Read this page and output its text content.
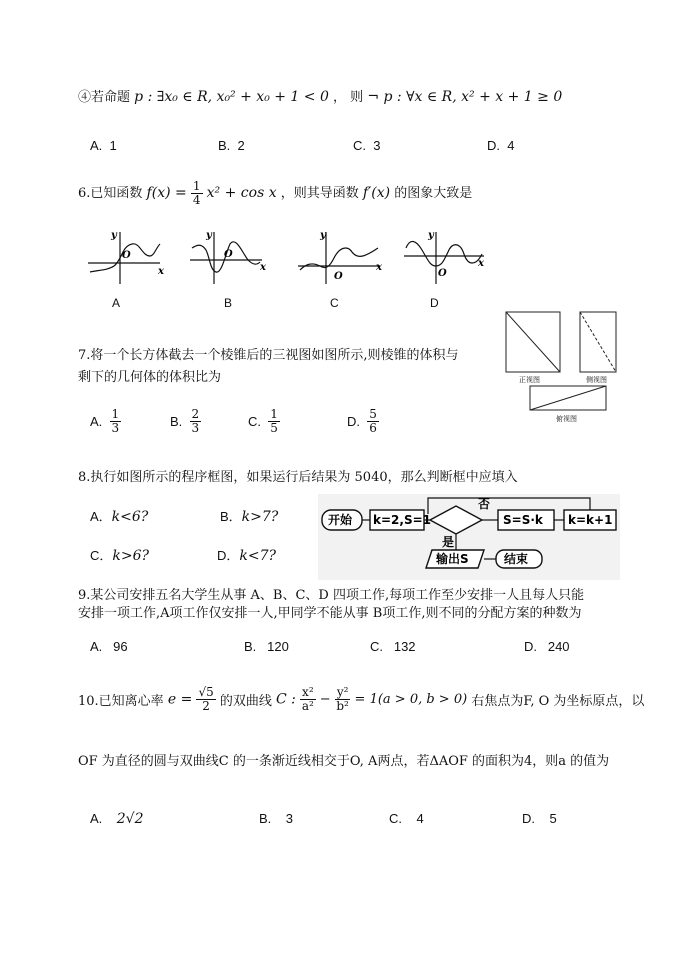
④若命题 p : ∃x₀ ∈ R, x₀² + x₀ + 1 < 0 ， 则 ¬ p : ∀x ∈ R, x² + x + 1 ≥ 0
A. 1	B. 2	C. 3	D. 4
6.已知函数 $f(x) = \frac{1}{4} x^2 + \cos x$ ，则其导函数 f′(x) 的图象大致是
y
x
O
y
x
O
y
x
O
y
x
O
A	B	C	D
7.将一个长方体截去一个棱锥后的三视图如图所示,则棱锥的体积与
剩下的几何体的体积比为	正视图	侧视图
俯视图
A. $\frac{1}{3}$	B. $\frac{2}{3}$	C. $\frac{1}{5}$	D. $\frac{5}{6}$
8.执行如图所示的程序框图，如果运行后结果为 5040，那么判断框中应填入
A．k<6?	B．k>7?
C．k>6?	D．k<7?
开始 k=2,S=1
否
是
S=S·k k=k+1
输出S	结束
9.某公司安排五名大学生从事 A、B、C、D 四项工作,每项工作至少安排一人且每人只能
安排一项工作,A项工作仅安排一人,甲同学不能从事 B项工作,则不同的分配方案的种数为
A. 96	B. 120	C. 132	D. 240
10.已知离心率 $e = \frac{√5}{2}$ 的双曲线 C : $\frac{\text{x²}}{\text{a²}} - \frac{\text{y²}}{\text{b²}} = 1(a > 0$, b > 0) 右焦点为F, O 为坐标原点，以
OF 为直径的圆与双曲线C 的一条渐近线相交于O, A两点，若ΔAOF 的面积为4，则a 的值为
A. 2√2	B. 3	C. 4	D. 5
